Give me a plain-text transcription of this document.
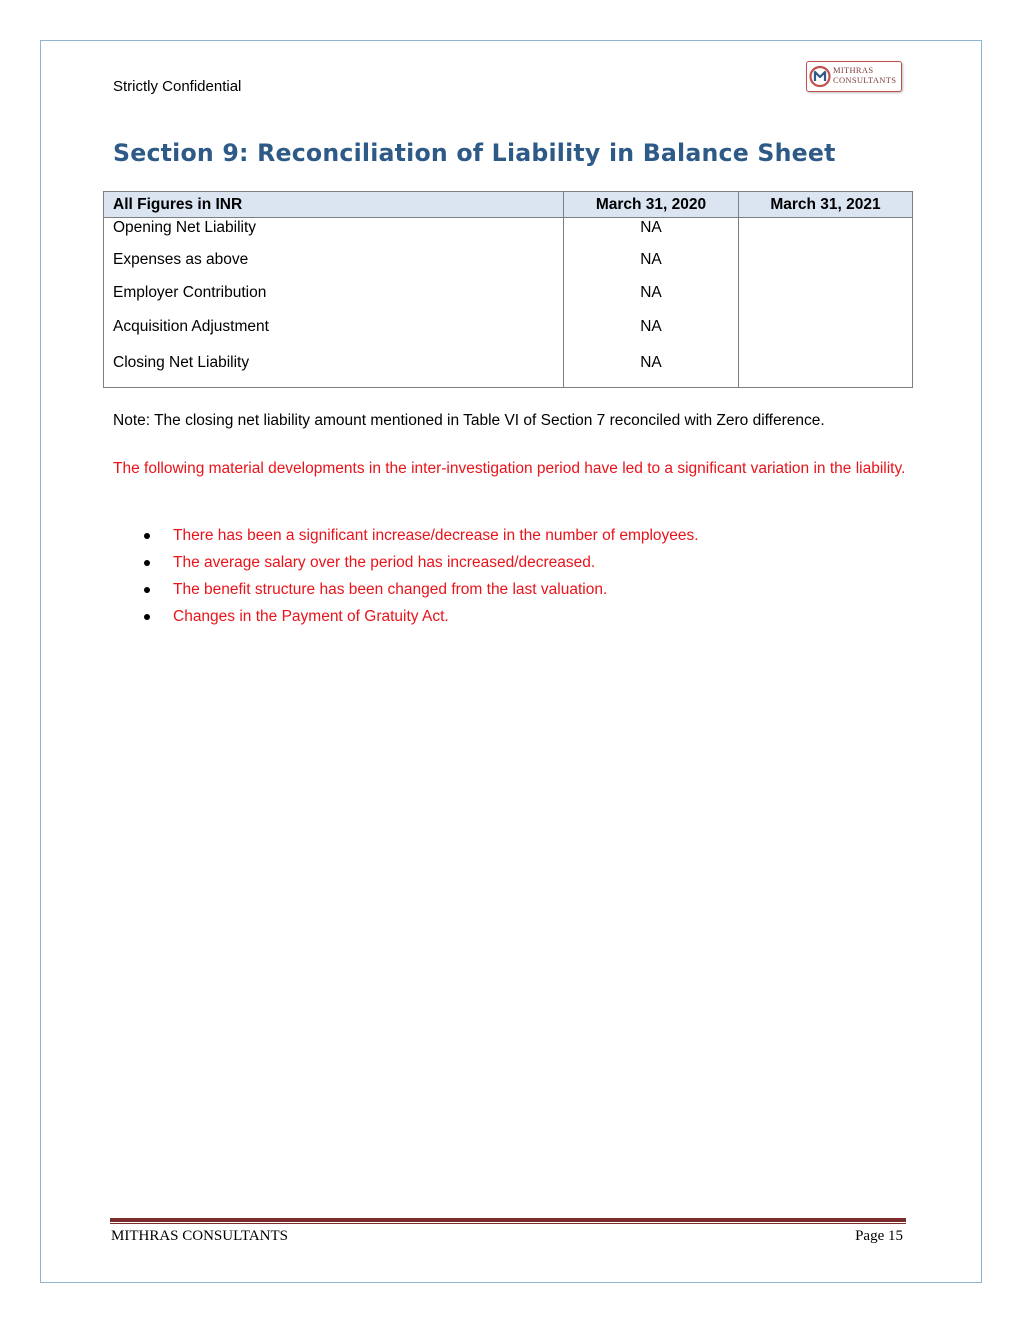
Strictly Confidential
MITHRAS
CONSULTANTS
Section 9: Reconciliation of Liability in Balance Sheet
All Figures in INR	March 31, 2020	March 31, 2021
Opening Net Liability	NA	
Expenses as above	NA	
Employer Contribution	NA	
Acquisition Adjustment	NA	
Closing Net Liability	NA	
Note: The closing net liability amount mentioned in Table VI of Section 7 reconciled with Zero difference.
The following material developments in the inter-investigation period have led to a significant variation in the liability.
There has been a significant increase/decrease in the number of employees.
The average salary over the period has increased/decreased.
The benefit structure has been changed from the last valuation.
Changes in the Payment of Gratuity Act.
MITHRAS CONSULTANTS	Page 15
